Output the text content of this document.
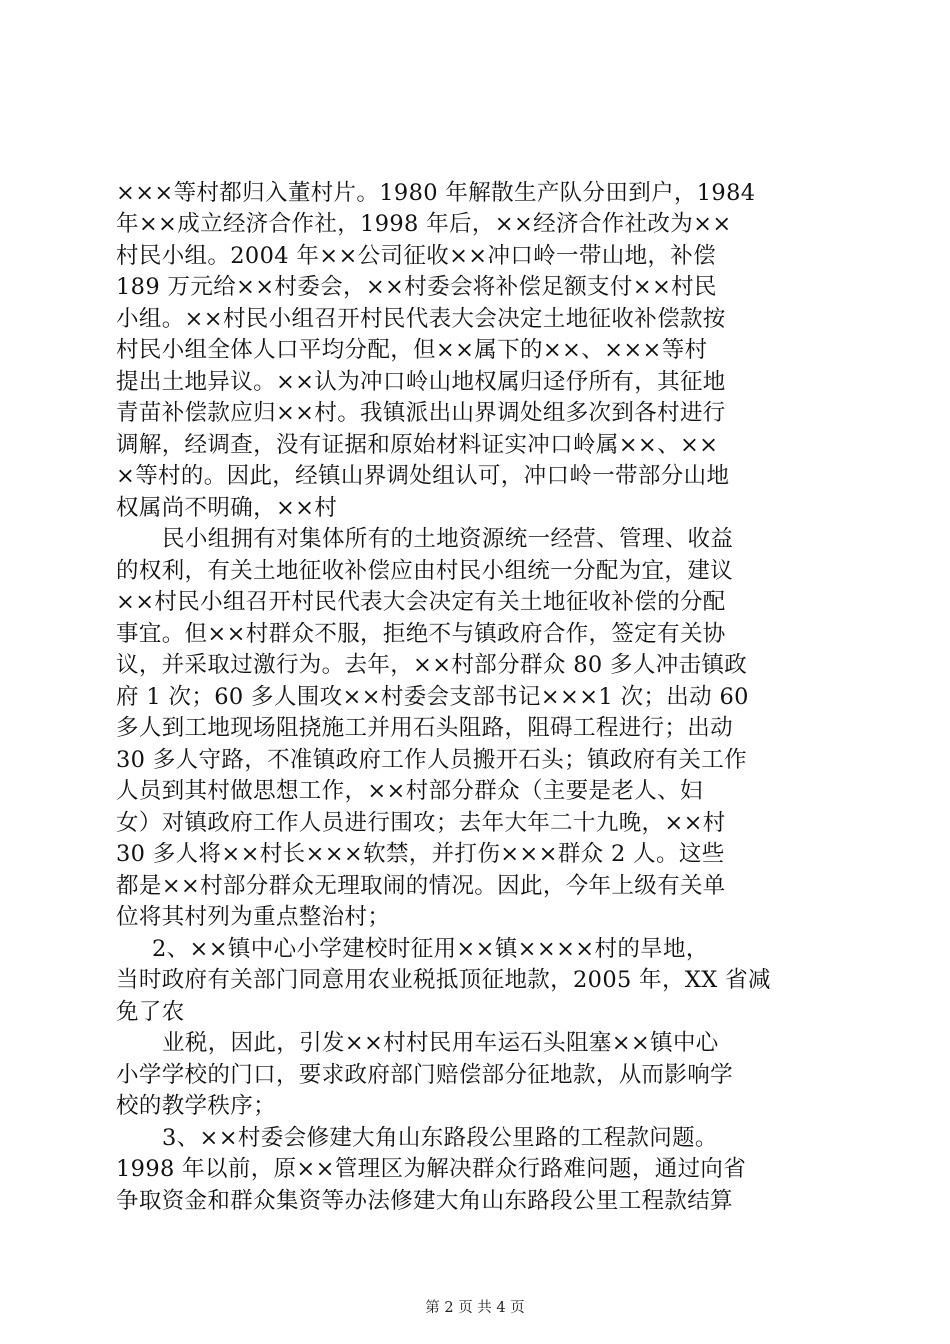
×××等村都归入董村片。1980 年解散生产队分田到户，1984
年××成立经济合作社，1998 年后，××经济合作社改为××
村民小组。2004 年××公司征收××冲口岭一带山地，补偿
189 万元给××村委会，××村委会将补偿足额支付××村民
小组。××村民小组召开村民代表大会决定土地征收补偿款按
村民小组全体人口平均分配，但××属下的××、×××等村
提出土地异议。××认为冲口岭山地权属归迳伃所有，其征地
青苗补偿款应归××村。我镇派出山界调处组多次到各村进行
调解，经调查，没有证据和原始材料证实冲口岭属××、××
×等村的。因此，经镇山界调处组认可，冲口岭一带部分山地
权属尚不明确，××村
民小组拥有对集体所有的土地资源统一经营、管理、收益
的权利，有关土地征收补偿应由村民小组统一分配为宜，建议
××村民小组召开村民代表大会决定有关土地征收补偿的分配
事宜。但××村群众不服，拒绝不与镇政府合作，签定有关协
议，并采取过激行为。去年，××村部分群众 80 多人冲击镇政
府 1 次；60 多人围攻××村委会支部书记×××1 次；出动 60
多人到工地现场阻挠施工并用石头阻路，阻碍工程进行；出动
30 多人守路，不准镇政府工作人员搬开石头；镇政府有关工作
人员到其村做思想工作，××村部分群众（主要是老人、妇
女）对镇政府工作人员进行围攻；去年大年二十九晚，××村
30 多人将××村长×××软禁，并打伤×××群众 2 人。这些
都是××村部分群众无理取闹的情况。因此，今年上级有关单
位将其村列为重点整治村；
2、××镇中心小学建校时征用××镇××××村的旱地，
当时政府有关部门同意用农业税抵顶征地款，2005 年，XX 省减
免了农
业税，因此，引发××村村民用车运石头阻塞××镇中心
小学学校的门口，要求政府部门赔偿部分征地款，从而影响学
校的教学秩序；
3、××村委会修建大角山东路段公里路的工程款问题。
1998 年以前，原××管理区为解决群众行路难问题，通过向省
争取资金和群众集资等办法修建大角山东路段公里工程款结算
第 2 页 共 4 页
